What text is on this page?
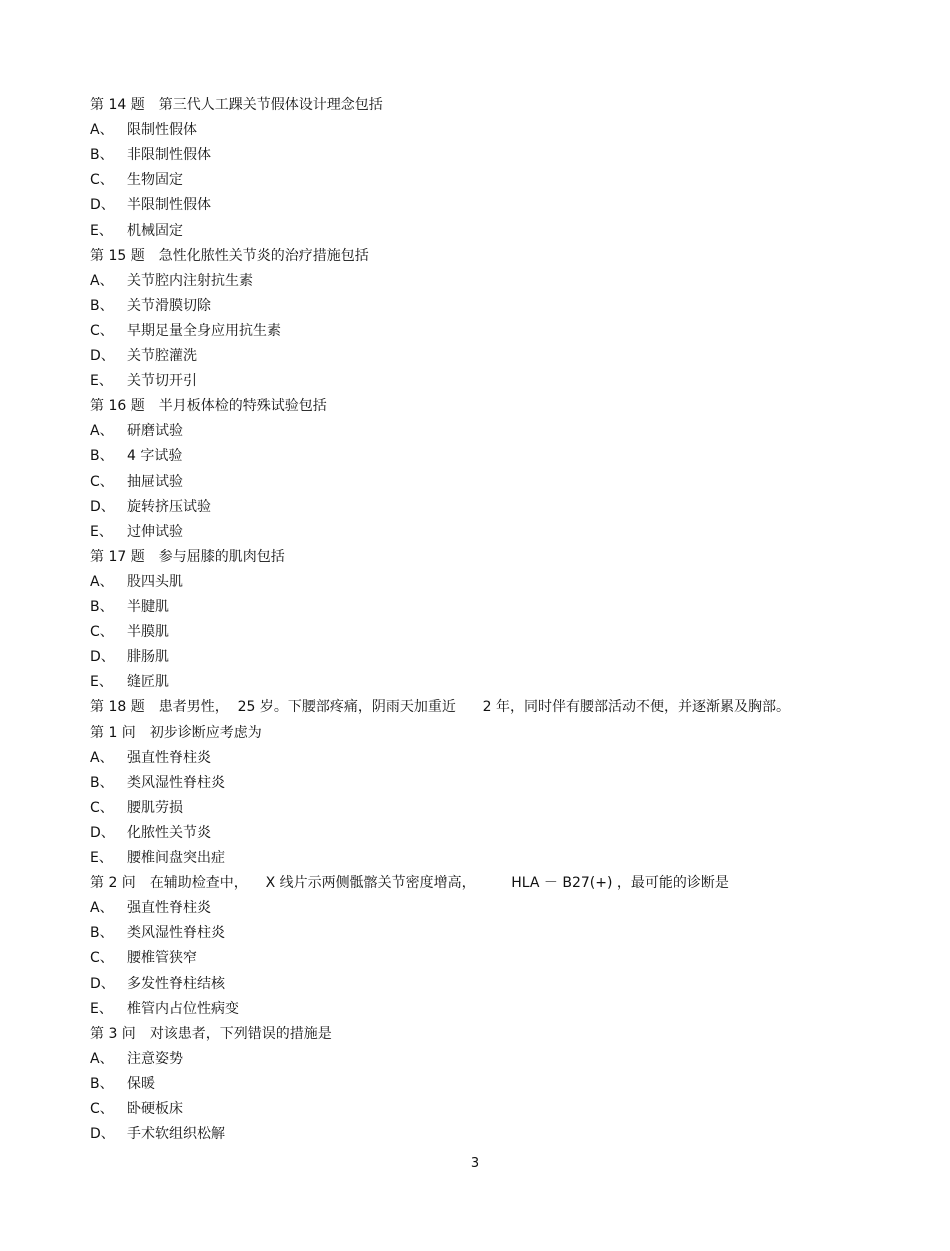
第 14 题 第三代人工踝关节假体设计理念包括
A、 限制性假体
B、 非限制性假体
C、 生物固定
D、 半限制性假体
E、 机械固定
第 15 题 急性化脓性关节炎的治疗措施包括
A、 关节腔内注射抗生素
B、 关节滑膜切除
C、 早期足量全身应用抗生素
D、 关节腔灌洗
E、 关节切开引
第 16 题 半月板体检的特殊试验包括
A、 研磨试验
B、 4 字试验
C、 抽屉试验
D、 旋转挤压试验
E、 过伸试验
第 17 题 参与屈膝的肌肉包括
A、 股四头肌
B、 半腱肌
C、 半膜肌
D、 腓肠肌
E、 缝匠肌
第 18 题 患者男性，  25 岁。下腰部疼痛，阴雨天加重近      2 年，同时伴有腰部活动不便，并逐渐累及胸部。
第 1 问 初步诊断应考虑为
A、 强直性脊柱炎
B、 类风湿性脊柱炎
C、 腰肌劳损
D、 化脓性关节炎
E、 腰椎间盘突出症
第 2 问 在辅助检查中，    X 线片示两侧骶髂关节密度增高，        HLA － B27(+) ，最可能的诊断是
A、 强直性脊柱炎
B、 类风湿性脊柱炎
C、 腰椎管狭窄
D、 多发性脊柱结核
E、 椎管内占位性病变
第 3 问 对该患者，下列错误的措施是
A、 注意姿势
B、 保暖
C、 卧硬板床
D、 手术软组织松解
3
